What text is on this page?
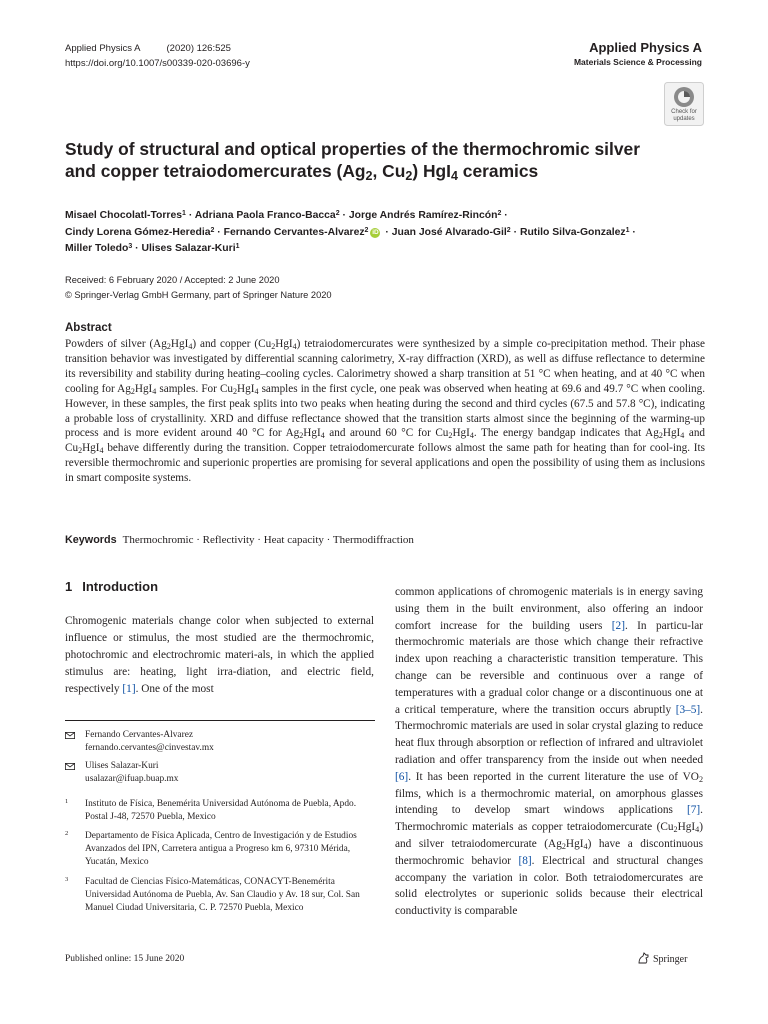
Applied Physics A	(2020) 126:525
https://doi.org/10.1007/s00339-020-03696-y
Applied Physics A
Materials Science & Processing
Check for
updates
Study of structural and optical properties of the thermochromic silver
and copper tetraiodomercurates ($Ag_2$, $Cu_2$) HgI$_4$ ceramics
Misael Chocolatl-Torres$^1$ · Adriana Paola Franco-Bacca$^2$ · Jorge Andrés Ramírez-Rincón$^2$ ·
Cindy Lorena Gómez-Heredia$^2$ · Fernando Cervantes-Alvarez$^2$ iD · Juan José Alvarado-Gil$^2$ · Rutilo Silva-Gonzalez$^1$ ·
Miller Toledo$^3$ · Ulises Salazar-Kuri$^1$
Received: 6 February 2020 / Accepted: 2 June 2020
© Springer-Verlag GmbH Germany, part of Springer Nature 2020
Abstract
Powders of silver $(Ag_2HgI_4)$ and copper $(Cu_2HgI_4)$ tetraiodomercurates were synthesized by a simple co-precipitation method. Their phase transition behavior was investigated by differential scanning calorimetry, X-ray diffraction (XRD), as well as diffuse reflectance to determine its reversibility and stability during heating–cooling cycles. Calorimetry showed a sharp transition at 51 °C when heating, and at 40 °C when cooling for $Ag_2HgI_4$ samples. For $Cu_2HgI_4$ samples in the first cycle, one peak was observed when heating at 69.6 and 49.7 °C when cooling. However, in these samples, the first peak splits into two peaks when heating during the second and third cycles (67.5 and 57.8 °C), indicating a probable loss of crystallinity. XRD and diffuse reflectance showed that the transition starts almost since the beginning of the warming-up process and is more evident around 40 °C for $Ag_2HgI_4$ and around 60 °C for $Cu_2HgI_4$. The energy bandgap indicates that $Ag_2HgI_4$ and $Cu_2HgI_4$ behave differently during the transition. Copper tetraiodomercurate follows almost the same path for heating than for cool-ing. Its reversible thermochromic and superionic properties are promising for several applications and open the possibility of using them as inclusions in smart composite systems.
Keywords Thermochromic · Reflectivity · Heat capacity · Thermodiffraction
1 Introduction
Chromogenic materials change color when subjected to external influence or stimulus, the most studied are the thermochromic, photochromic and electrochromic materi-als, in which the applied stimulus are: heating, light irra-diation, and electric field, respectively [1]. One of the most
Fernando Cervantes-Alvarez
fernando.cervantes@cinvestav.mx
Ulises Salazar-Kuri
usalazar@ifuap.buap.mx
1 Instituto de Física, Benemérita Universidad Autónoma de Puebla, Apdo. Postal J-48, 72570 Puebla, Mexico
2 Departamento de Física Aplicada, Centro de Investigación y de Estudios Avanzados del IPN, Carretera antigua a Progreso km 6, 97310 Mérida, Yucatán, Mexico
3 Facultad de Ciencias Físico-Matemáticas, CONACYT-Benemérita Universidad Autónoma de Puebla, Av. San Claudio y Av. 18 sur, Col. San Manuel Ciudad Universitaria, C. P. 72570 Puebla, Mexico
common applications of chromogenic materials is in energy saving using them in the built environment, also offering an indoor comfort increase for the building users [2]. In particu-lar thermochromic materials are those which change their refractive index upon reaching a characteristic transition temperature. This change can be reversible and continuous over a range of temperatures with a gradual color change or a discontinuous one at a critical temperature, where the transition occurs abruptly [3–5]. Thermochromic materials are used in solar crystal glazing to reduce heat flux through absorption or reflection of infrared and ultraviolet radiation and offer transparency from the inside out when needed [6]. It has been reported in the current literature the use of $VO_2$ films, which is a thermochromic material, on amorphous glasses intending to develop smart windows applications [7]. Thermochromic materials as copper tetraiodomercurate $(Cu_2HgI_4)$ and silver tetraiodomercurate $(Ag_2HgI_4)$ have a discontinuous thermochromic behavior [8]. Electrical and structural changes accompany the variation in color. Both tetraiodomercurates are solid electrolytes or superionic solids because their electrical conductivity is comparable
Published online: 15 June 2020	Springer
